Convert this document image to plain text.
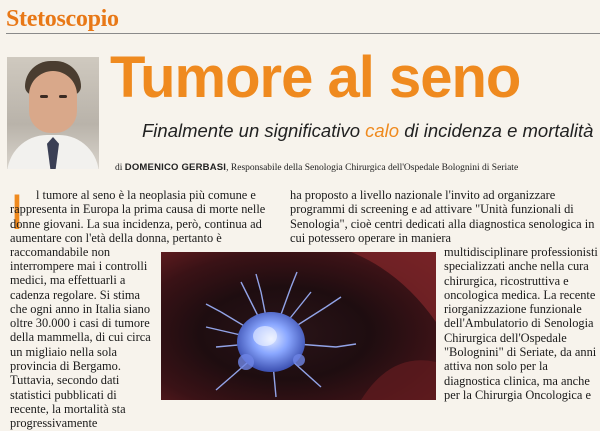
Stetoscopio
Tumore al seno
Finalmente un significativo calo di incidenza e mortalità
di DOMENICO GERBASI, Responsabile della Senologia Chirurgica dell'Ospedale Bolognini di Seriate
I l tumore al seno è la neoplasia più comune e rappresenta in Europa la prima causa di morte nelle donne giovani. La sua incidenza, però, continua ad aumentare con l'età della donna, pertanto è raccomandabile non

interrompere mai i controlli medici, ma effettuarli a cadenza regolare. Si stima che ogni anno in Italia siano oltre 30.000 i casi di tumore della mammella, di cui circa un migliaio nella sola provincia di Bergamo. Tuttavia, secondo dati statistici pubblicati di recente, la mortalità sta progressivamente

ha proposto a livello nazionale l'invito ad organizzare programmi di screening e ad attivare "Unità funzionali di Senologia", cioè centri dedicati alla diagnostica senologica in cui potessero operare in maniera

multidisciplinare professionisti specializzati anche nella cura chirurgica, ricostruttiva e oncologica medica. La recente riorganizzazione funzionale dell'Ambulatorio di Senologia Chirurgica dell'Ospedale "Bolognini" di Seriate, da anni attiva non solo per la diagnostica clinica, ma anche per la Chirurgia Oncologica e
